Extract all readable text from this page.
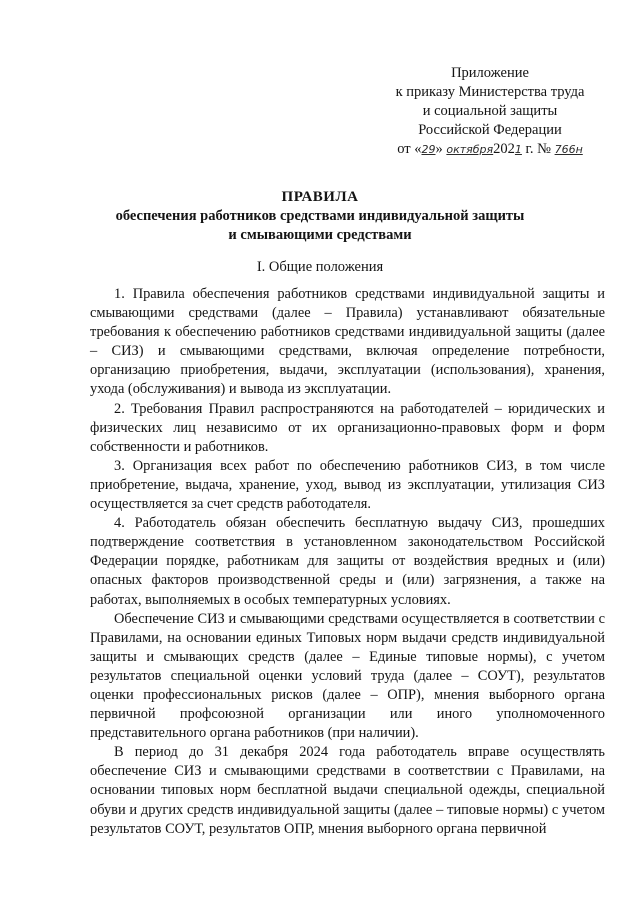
Приложение
к приказу Министерства труда
и социальной защиты
Российской Федерации
от «29» октября2021 г. № 766н
ПРАВИЛА
обеспечения работников средствами индивидуальной защиты
и смывающими средствами
I. Общие положения

1. Правила обеспечения работников средствами индивидуальной защиты и смывающими средствами (далее – Правила) устанавливают обязательные требования к обеспечению работников средствами индивидуальной защиты (далее – СИЗ) и смывающими средствами, включая определение потребности, организацию приобретения, выдачи, эксплуатации (использования), хранения, ухода (обслуживания) и вывода из эксплуатации.

2. Требования Правил распространяются на работодателей – юридических и физических лиц независимо от их организационно-правовых форм и форм собственности и работников.

3. Организация всех работ по обеспечению работников СИЗ, в том числе приобретение, выдача, хранение, уход, вывод из эксплуатации, утилизация СИЗ осуществляется за счет средств работодателя.

4. Работодатель обязан обеспечить бесплатную выдачу СИЗ, прошедших подтверждение соответствия в установленном законодательством Российской Федерации порядке, работникам для защиты от воздействия вредных и (или) опасных факторов производственной среды и (или) загрязнения, а также на работах, выполняемых в особых температурных условиях.

Обеспечение СИЗ и смывающими средствами осуществляется в соответствии с Правилами, на основании единых Типовых норм выдачи средств индивидуальной защиты и смывающих средств (далее – Единые типовые нормы), с учетом результатов специальной оценки условий труда (далее – СОУТ), результатов оценки профессиональных рисков (далее – ОПР), мнения выборного органа первичной профсоюзной организации или иного уполномоченного представительного органа работников (при наличии).

В период до 31 декабря 2024 года работодатель вправе осуществлять обеспечение СИЗ и смывающими средствами в соответствии с Правилами, на основании типовых норм бесплатной выдачи специальной одежды, специальной обуви и других средств индивидуальной защиты (далее – типовые нормы) с учетом результатов СОУТ, результатов ОПР, мнения выборного органа первичной
